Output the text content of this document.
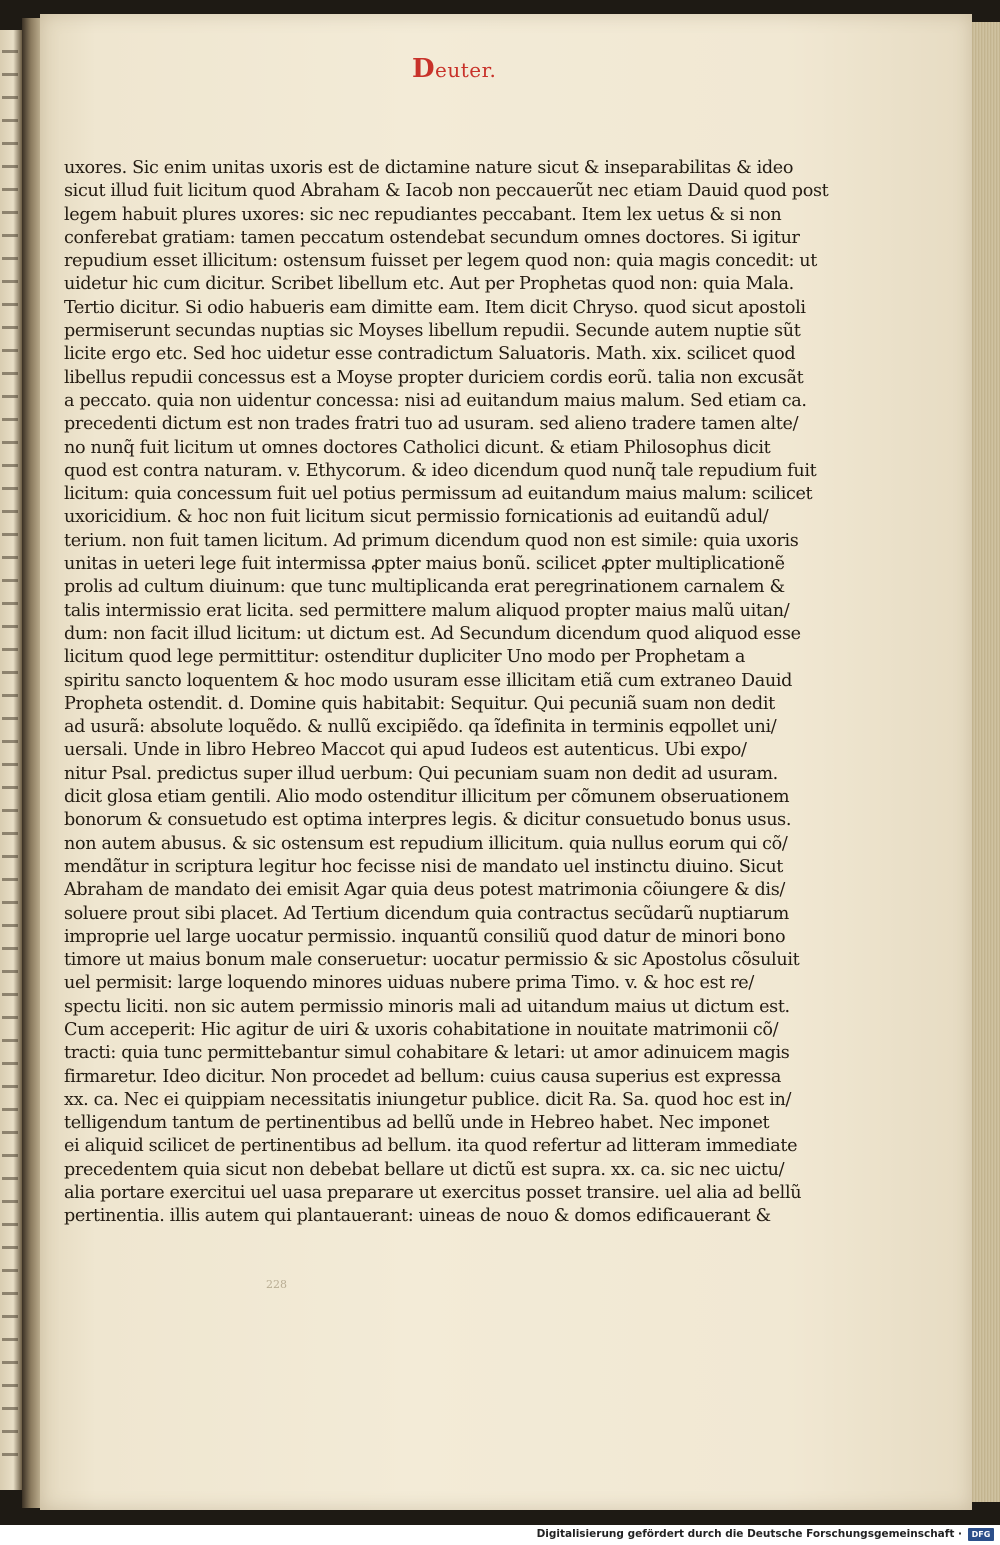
Deuter.
uxores. Sic enim unitas uxoris est de dictamine nature sicut & inseparabilitas & ideo
sicut illud fuit licitum quod Abraham & Iacob non peccauerũt nec etiam Dauid quod post
legem habuit plures uxores: sic nec repudiantes peccabant. Item lex uetus & si non
conferebat gratiam: tamen peccatum ostendebat secundum omnes doctores. Si igitur
repudium esset illicitum: ostensum fuisset per legem quod non: quia magis concedit: ut
uidetur hic cum dicitur. Scribet libellum etc. Aut per Prophetas quod non: quia Mala.
Tertio dicitur. Si odio habueris eam dimitte eam. Item dicit Chryso. quod sicut apostoli
permiserunt secundas nuptias sic Moyses libellum repudii. Secunde autem nuptie sũt
licite ergo etc. Sed hoc uidetur esse contradictum Saluatoris. Math. xix. scilicet quod
libellus repudii concessus est a Moyse propter duriciem cordis eorũ. talia non excusãt
a peccato. quia non uidentur concessa: nisi ad euitandum maius malum. Sed etiam ca.
precedenti dictum est non trades fratri tuo ad usuram. sed alieno tradere tamen alte/
no nunq̃ fuit licitum ut omnes doctores Catholici dicunt. & etiam Philosophus dicit
quod est contra naturam. v. Ethycorum. & ideo dicendum quod nunq̃ tale repudium fuit
licitum: quia concessum fuit uel potius permissum ad euitandum maius malum: scilicet
uxoricidium. & hoc non fuit licitum sicut permissio fornicationis ad euitandũ adul/
terium. non fuit tamen licitum. Ad primum dicendum quod non est simile: quia uxoris
unitas in ueteri lege fuit intermissa ꝓpter maius bonũ. scilicet ꝓpter multiplicationẽ
prolis ad cultum diuinum: que tunc multiplicanda erat peregrinationem carnalem &
talis intermissio erat licita. sed permittere malum aliquod propter maius malũ uitan/
dum: non facit illud licitum: ut dictum est. Ad Secundum dicendum quod aliquod esse
licitum quod lege permittitur: ostenditur dupliciter Uno modo per Prophetam a
spiritu sancto loquentem & hoc modo usuram esse illicitam etiã cum extraneo Dauid
Propheta ostendit. d. Domine quis habitabit: Sequitur. Qui pecuniã suam non dedit
ad usurã: absolute loquẽdo. & nullũ excipiẽdo. qa ĩdefinita in terminis eqpollet uni/
uersali. Unde in libro Hebreo Maccot qui apud Iudeos est autenticus. Ubi expo/
nitur Psal. predictus super illud uerbum: Qui pecuniam suam non dedit ad usuram.
dicit glosa etiam gentili. Alio modo ostenditur illicitum per cõmunem obseruationem
bonorum & consuetudo est optima interpres legis. & dicitur consuetudo bonus usus.
non autem abusus. & sic ostensum est repudium illicitum. quia nullus eorum qui cõ/
mendãtur in scriptura legitur hoc fecisse nisi de mandato uel instinctu diuino. Sicut
Abraham de mandato dei emisit Agar quia deus potest matrimonia cõiungere & dis/
soluere prout sibi placet. Ad Tertium dicendum quia contractus secũdarũ nuptiarum
improprie uel large uocatur permissio. inquantũ consiliũ quod datur de minori bono
timore ut maius bonum male conseruetur: uocatur permissio & sic Apostolus cõsuluit
uel permisit: large loquendo minores uiduas nubere prima Timo. v. & hoc est re/
spectu liciti. non sic autem permissio minoris mali ad uitandum maius ut dictum est.
Cum acceperit: Hic agitur de uiri & uxoris cohabitatione in nouitate matrimonii cõ/
tracti: quia tunc permittebantur simul cohabitare & letari: ut amor adinuicem magis
firmaretur. Ideo dicitur. Non procedet ad bellum: cuius causa superius est expressa
xx. ca. Nec ei quippiam necessitatis iniungetur publice. dicit Ra. Sa. quod hoc est in/
telligendum tantum de pertinentibus ad bellũ unde in Hebreo habet. Nec imponet
ei aliquid scilicet de pertinentibus ad bellum. ita quod refertur ad litteram immediate
precedentem quia sicut non debebat bellare ut dictũ est supra. xx. ca. sic nec uictu/
alia portare exercitui uel uasa preparare ut exercitus posset transire. uel alia ad bellũ
pertinentia. illis autem qui plantauerant: uineas de nouo & domos edificauerant &
228
Digitalisierung gefördert durch die Deutsche Forschungsgemeinschaft ·	DFG
